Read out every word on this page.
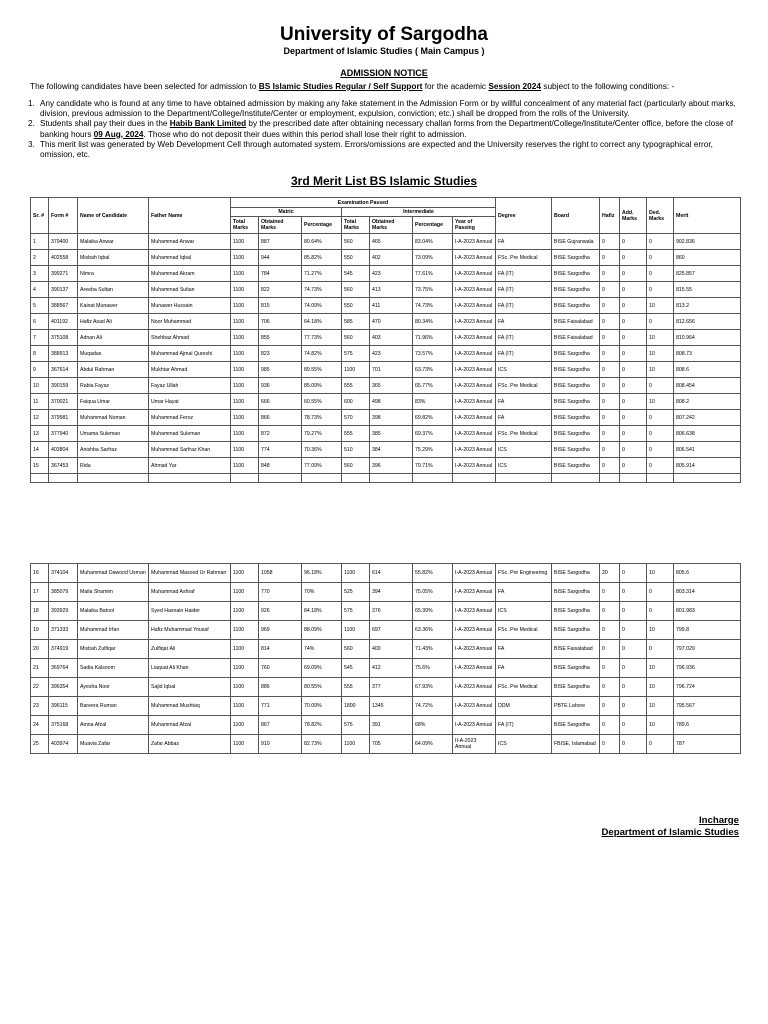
University of Sargodha
Department of Islamic Studies ( Main Campus )
ADMISSION NOTICE
The following candidates have been selected for admission to BS Islamic Studies Regular / Self Support for the academic Session 2024 subject to the following conditions: -
1. Any candidate who is found at any time to have obtained admission by making any fake statement in the Admission Form or by willful concealment of any material fact (particularly about marks, division, previous admission to the Department/College/Institute/Center or employment, expulsion, conviction; etc.) shall be dropped from the rolls of the University.
2. Students shall pay their dues in the Habib Bank Limited by the prescribed date after obtaining necessary challan forms from the Department/College/Institute/Center office, before the close of banking hours 09 Aug, 2024. Those who do not deposit their dues within this period shall lose their right to admission.
3. This merit list was generated by Web Development Cell through automated system. Errors/omissions are expected and the University reserves the right to correct any typographical error, omission, etc.
3rd Merit List BS Islamic Studies
Sr. #	Form #	Name of Candidate	Father Name	Examination Passed							Degree	Board	Hafiz	Add. Marks	Ded. Marks	Merit
				Matric			Intermediate									
				Total Marks	Obtained Marks	Percentage	Total Marks	Obtained Marks	Percentage	Year of Passing						
1	379400	Malaika Anwar	Muhammad Anwar	1100	887	80.64%	560	465	83.04%	I-A-2023 Annual	FA	BISE Gujranwala	0	0	0	902.836
2	402558	Misbah Iqbal	Muhammad Iqbal	1100	944	85.82%	550	402	73.09%	I-A-2023 Annual	FSc. Pre Medical	BISE Sargodha	0	0	0	860
3	399271	Nimra	Muhammad Akram	1100	784	71.27%	545	423	77.61%	I-A-2023 Annual	FA (IT)	BISE Sargodha	0	0	0	825.857
4	390137	Areeba Sultan	Muhammad Sultan	1100	822	74.73%	560	413	73.75%	I-A-2023 Annual	FA (IT)	BISE Sargodha	0	0	0	815.55
5	388567	Kainat Munawer	Munawer Hussain	1100	815	74.09%	550	411	74.73%	I-A-2023 Annual	FA (IT)	BISE Sargodha	0	0	10	813.2
6	401192	Hafiz Asad Ali	Noor Muhammad	1100	706	64.18%	585	470	80.34%	I-A-2023 Annual	FA	BISE Faisalabad	0	0	0	812.656
7	375108	Adnan Ali	Shehbaz Ahmad	1100	855	77.73%	560	403	71.96%	I-A-2023 Annual	FA (IT)	BISE Faisalabad	0	0	10	810.964
8	388913	Muqadas	Muhammad Ajmal Qureshi	1100	823	74.82%	575	423	73.57%	I-A-2023 Annual	FA (IT)	BISE Sargodha	0	0	10	808.73
9	367614	Abdul Rahman	Mukhtar Ahmad	1100	985	89.55%	1100	701	63.73%	I-A-2023 Annual	ICS	BISE Sargodha	0	0	10	808.6
10	390159	Rabia Fayaz	Fayaz Ullah	1100	936	85.09%	555	365	65.77%	I-A-2023 Annual	FSc. Pre Medical	BISE Sargodha	0	0	0	808.454
11	370021	Faiqua Umar	Umar Hayat	1100	666	60.55%	600	498	83%	I-A-2023 Annual	FA	BISE Sargodha	0	0	10	808.2
12	379981	Muhammad Noman	Muhammad Feroz	1100	866	78.73%	570	398	69.82%	I-A-2023 Annual	FA	BISE Sargodha	0	0	0	807.242
13	377940	Umama Suleman	Muhammad Suleman	1100	872	79.27%	555	385	69.37%	I-A-2023 Annual	FSc. Pre Medical	BISE Sargodha	0	0	0	806.638
14	403804	Anishba Sarfraz	Muhammad Sarfraz Khan	1100	774	70.36%	510	384	75.29%	I-A-2023 Annual	ICS	BISE Sargodha	0	0	0	806.541
15	367453	Rida	Ahmad Yar	1100	848	77.09%	560	396	70.71%	I-A-2023 Annual	ICS	BISE Sargodha	0	0	0	805.914

16	374104	Muhammad Dawood Usman	Muhammad Masood Ur Rahman	1100	1058	96.18%	1100	614	55.82%	I-A-2023 Annual	FSc. Pre Engineering	BISE Sargodha	20	0	10	805.6
17	385079	Maila Shamim	Muhammad Ashraf	1100	770	70%	525	394	75.05%	I-A-2023 Annual	FA	BISE Sargodha	0	0	0	803.314
18	393929	Malaika Batool	Syed Hasnain Haider	1100	926	84.18%	575	376	65.39%	I-A-2023 Annual	ICS	BISE Sargodha	0	0	0	801.983
19	371333	Muhammad Irfan	Hafiz Muhammad Yousaf	1100	969	88.09%	1100	697	63.36%	I-A-2023 Annual	FSc. Pre Medical	BISE Sargodha	0	0	10	799.8
20	374919	Misbah Zulfiqar	Zulfiqar Ali	1100	814	74%	560	400	71.43%	I-A-2023 Annual	FA	BISE Faisalabad	0	0	0	797.029
21	369764	Sadia Kalsoom	Liaquat Ali Khan	1100	760	69.09%	545	412	75.6%	I-A-2023 Annual	FA	BISE Sargodha	0	0	10	796.936
22	396354	Ayesha Noor	Sajid Iqbal	1100	886	80.55%	555	377	67.93%	I-A-2023 Annual	FSc. Pre Medical	BISE Sargodha	0	0	10	796.724
23	396115	Bareera Ruman	Muhammad Mushtaq	1100	771	70.09%	1800	1345	74.72%	I-A-2023 Annual	DDM	PBTE Lahore	0	0	10	795.567
24	375168	Amna Afzal	Muhammad Afzal	1100	867	78.82%	575	391	68%	I-A-2023 Annual	FA (IT)	BISE Sargodha	0	0	10	789.6
25	403974	Muavia Zafar	Zafar Abbas	1100	910	82.73%	1100	705	64.09%	II-A-2023 Annual	ICS	FBISE, Islamabad	0	0	0	787
Incharge
Department of Islamic Studies
